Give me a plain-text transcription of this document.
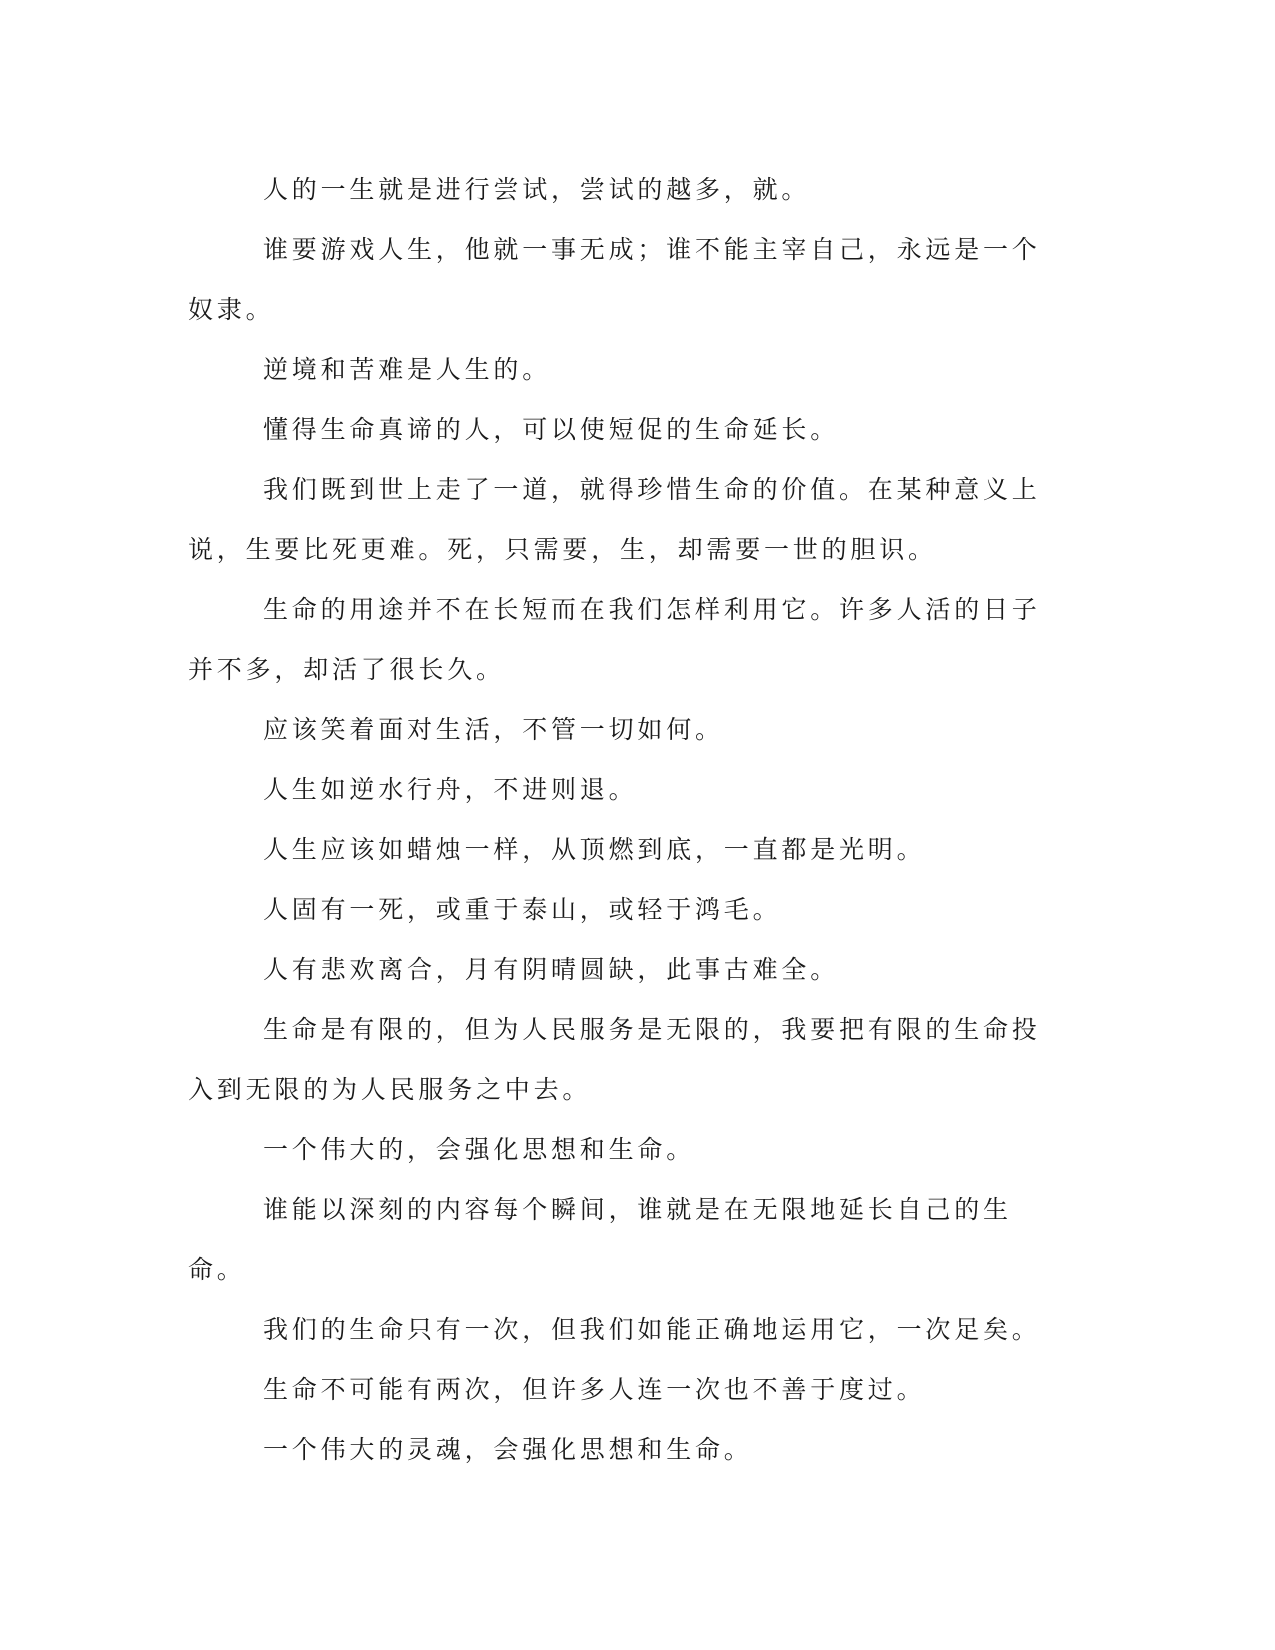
人的一生就是进行尝试，尝试的越多，就。

谁要游戏人生，他就一事无成；谁不能主宰自己，永远是一个奴隶。

逆境和苦难是人生的。

懂得生命真谛的人，可以使短促的生命延长。

我们既到世上走了一道，就得珍惜生命的价值。在某种意义上说，生要比死更难。死，只需要，生，却需要一世的胆识。

生命的用途并不在长短而在我们怎样利用它。许多人活的日子并不多，却活了很长久。

应该笑着面对生活，不管一切如何。

人生如逆水行舟，不进则退。

人生应该如蜡烛一样，从顶燃到底，一直都是光明。

人固有一死，或重于泰山，或轻于鸿毛。

人有悲欢离合，月有阴晴圆缺，此事古难全。

生命是有限的，但为人民服务是无限的，我要把有限的生命投入到无限的为人民服务之中去。

一个伟大的，会强化思想和生命。

谁能以深刻的内容每个瞬间，谁就是在无限地延长自己的生命。

我们的生命只有一次，但我们如能正确地运用它，一次足矣。

生命不可能有两次，但许多人连一次也不善于度过。

一个伟大的灵魂，会强化思想和生命。
